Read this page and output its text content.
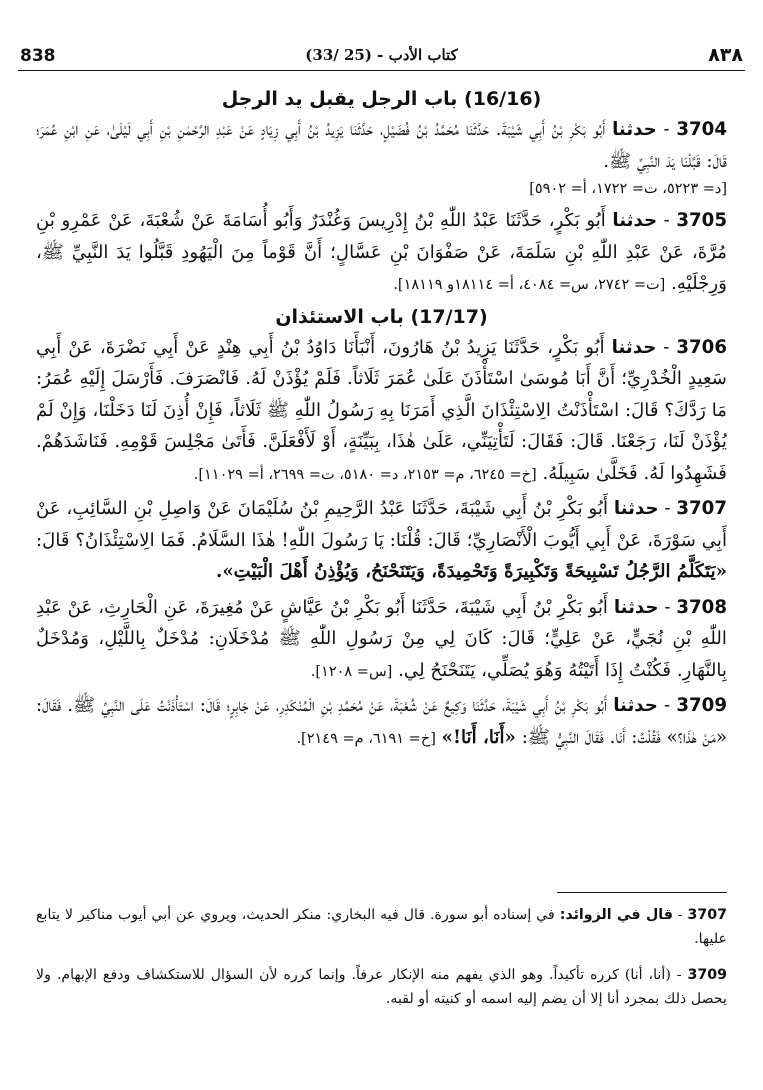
838	(33/ 25) - كتاب الأدب	٨٣٨
(16/16) باب الرجل يقبل يد الرجل

3704 - حدثنا أَبُو بَكْرِ بْنُ أَبِي شَيْبَةَ. حَدَّثَنَا مُحَمَّدُ بْنُ فُضَيْلٍ، حَدَّثَنَا يَزِيدُ بْنُ أَبِي زِيَادٍ عَنْ عَبْدِ الرَّحْمٰنِ بْنِ أَبِي لَيْلَىٰ، عَنِ ابْنِ عُمَرَ؛ قَالَ: قَبَّلْنَا يَدَ النَّبِيِّ ﷺ.

[د= ٥٢٢٣، ت= ١٧٢٢، أ= ٥٩٠٢]

3705 - حدثنا أَبُو بَكْرٍ، حَدَّثَنَا عَبْدُ اللّٰهِ بْنُ إِدْرِيسَ وَغُنْدَرٌ وَأَبُو أُسَامَةَ عَنْ شُعْبَةَ، عَنْ عَمْرِو بْنِ مُرَّةَ، عَنْ عَبْدِ اللّٰهِ بْنِ سَلَمَةَ، عَنْ صَفْوَانَ بْنِ عَسَّالٍ؛ أَنَّ قَوْماً مِنَ الْيَهُودِ قَبَّلُوا يَدَ النَّبِيِّ ﷺ، وَرِجْلَيْهِ. [ت= ٢٧٤٢، س= ٤٠٨٤، أ= ١٨١١٤و ١٨١١٩].

(17/17) باب الاستئذان

3706 - حدثنا أَبُو بَكْرٍ، حَدَّثَنَا يَزِيدُ بْنُ هَارُونَ، أَنْبَأَنَا دَاوُدُ بْنُ أَبِي هِنْدٍ عَنْ أَبِي نَضْرَةَ، عَنْ أَبِي سَعِيدٍ الْخُدْرِيِّ؛ أَنَّ أَبَا مُوسَىٰ اسْتَأْذَنَ عَلَىٰ عُمَرَ ثَلَاثاً. فَلَمْ يُؤْذَنْ لَهُ. فَانْصَرَفَ. فَأَرْسَلَ إِلَيْهِ عُمَرُ: مَا رَدَّكَ؟ قَالَ: اسْتَأْذَنْتُ الِاسْتِئْذَانَ الَّذِي أَمَرَنَا بِهِ رَسُولُ اللّٰهِ ﷺ ثَلَاثاً، فَإِنْ أُذِنَ لَنَا دَخَلْنَا، وَإِنْ لَمْ يُؤْذَنْ لَنَا، رَجَعْنَا. قَالَ: فَقَالَ: لَتَأْتِيَنِّي، عَلَىٰ هٰذَا، بِبَيِّنَةٍ، أَوْ لَأَفْعَلَنَّ. فَأَتَىٰ مَجْلِسَ قَوْمِهِ. فَنَاشَدَهُمْ. فَشَهِدُوا لَهُ. فَخَلَّىٰ سَبِيلَهُ. [خ= ٦٢٤٥، م= ٢١٥٣، د= ٥١٨٠، ت= ٢٦٩٩، أ= ١١٠٢٩].

3707 - حدثنا أَبُو بَكْرِ بْنُ أَبِي شَيْبَةَ، حَدَّثَنَا عَبْدُ الرَّحِيمِ بْنُ سُلَيْمَانَ عَنْ وَاصِلِ بْنِ السَّائِبِ، عَنْ أَبِي سَوْرَةَ، عَنْ أَبِي أَيُّوبَ الْأَنْصَارِيِّ؛ قَالَ: قُلْنَا: يَا رَسُولَ اللّٰهِ! هٰذَا السَّلَامُ. فَمَا الِاسْتِئْذَانُ؟ قَالَ: «يَتَكَلَّمُ الرَّجُلُ تَسْبِيحَةً وَتَكْبِيرَةً وَتَحْمِيدَةً، وَيَتَنَحْنَحُ، وَيُؤْذِنُ أَهْلَ الْبَيْتِ».

3708 - حدثنا أَبُو بَكْرِ بْنُ أَبِي شَيْبَةَ، حَدَّثَنَا أَبُو بَكْرِ بْنُ عَيَّاشٍ عَنْ مُغِيرَةَ، عَنِ الْحَارِثِ، عَنْ عَبْدِ اللّٰهِ بْنِ نُجَيٍّ، عَنْ عَلِيٍّ؛ قَالَ: كَانَ لِي مِنْ رَسُولِ اللّٰهِ ﷺ مُدْخَلَانِ: مُدْخَلٌ بِاللَّيْلِ، وَمُدْخَلٌ بِالنَّهَارِ. فَكُنْتُ إِذَا أَتَيْتُهُ وَهُوَ يُصَلِّي، يَتَنَحْنَحُ لِي. [س= ١٢٠٨].

3709 - حدثنا أَبُو بَكْرِ بْنُ أَبِي شَيْبَةَ، حَدَّثَنَا وَكِيعٌ عَنْ شُعْبَةَ، عَنْ مُحَمَّدِ بْنِ الْمُنْكَدِرِ، عَنْ جَابِرٍ؛ قَالَ: اسْتَأْذَنْتُ عَلَى النَّبِيِّ ﷺ. فَقَالَ: «مَنْ هٰذَا؟» فَقُلْتُ: أَنَا. فَقَالَ النَّبِيُّ ﷺ: «أَنَا، أَنَا!» [خ= ٦١٩١، م= ٢١٤٩].

3707 - قال في الزوائد: في إسناده أبو سورة. قال فيه البخاري: منكر الحديث، ويروي عن أبي أيوب مناكير لا يتابع عليها.

3709 - (أنا، أنا) كرره تأكيداً. وهو الذي يفهم منه الإنكار عرفاً. وإنما كرره لأن السؤال للاستكشاف ودفع الإبهام. ولا يحصل ذلك بمجرد أنا إلا أن يضم إليه اسمه أو كنيته أو لقبه.
